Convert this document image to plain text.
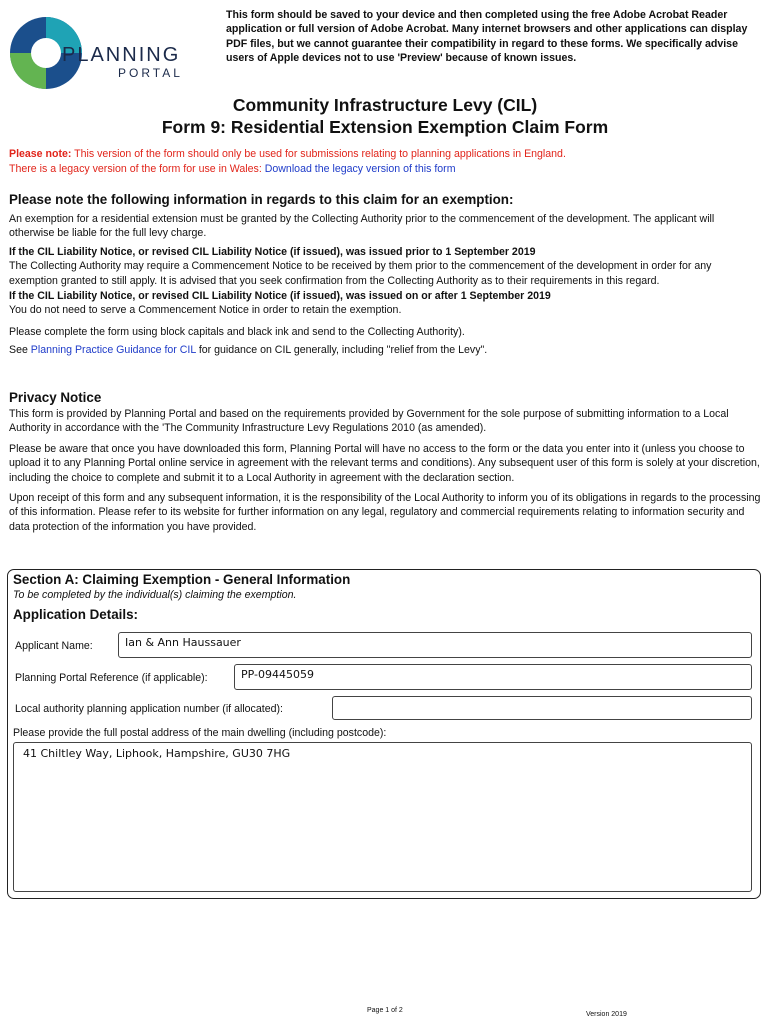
PLANNING
PORTAL

This form should be saved to your device and then completed using the free Adobe Acrobat Reader application or full version of Adobe Acrobat. Many internet browsers and other applications can display PDF files, but we cannot guarantee their compatibility in regard to these forms. We specifically advise users of Apple devices not to use 'Preview' because of known issues.

Community Infrastructure Levy (CIL)
Form 9: Residential Extension Exemption Claim Form
Please note: This version of the form should only be used for submissions relating to planning applications in England.
There is a legacy version of the form for use in Wales: Download the legacy version of this form

Please note the following information in regards to this claim for an exemption:

An exemption for a residential extension must be granted by the Collecting Authority prior to the commencement of the development. The applicant will otherwise be liable for the full levy charge.

If the CIL Liability Notice, or revised CIL Liability Notice (if issued), was issued prior to 1 September 2019

The Collecting Authority may require a Commencement Notice to be received by them prior to the commencement of the development in order for any exemption granted to still apply. It is advised that you seek confirmation from the Collecting Authority as to their requirements in this regard.

If the CIL Liability Notice, or revised CIL Liability Notice (if issued), was issued on or after 1 September 2019

You do not need to serve a Commencement Notice in order to retain the exemption.

Please complete the form using block capitals and black ink and send to the Collecting Authority).

See Planning Practice Guidance for CIL for guidance on CIL generally, including "relief from the Levy".

Privacy Notice

This form is provided by Planning Portal and based on the requirements provided by Government for the sole purpose of submitting information to a Local Authority in accordance with the 'The Community Infrastructure Levy Regulations 2010 (as amended).

Please be aware that once you have downloaded this form, Planning Portal will have no access to the form or the data you enter into it (unless you choose to upload it to any Planning Portal online service in agreement with the relevant terms and conditions). Any subsequent user of this form is solely at your discretion, including the choice to complete and submit it to a Local Authority in agreement with the declaration section.

Upon receipt of this form and any subsequent information, it is the responsibility of the Local Authority to inform you of its obligations in regards to the processing of this information. Please refer to its website for further information on any legal, regulatory and commercial requirements relating to information security and data protection of the information you have provided.

Section A: Claiming Exemption - General Information
To be completed by the individual(s) claiming the exemption.
Application Details:
Applicant Name:	Ian & Ann Haussauer
Planning Portal Reference (if applicable):	PP-09445059
Local authority planning application number (if allocated):
Please provide the full postal address of the main dwelling (including postcode):
41 Chiltley Way, Liphook, Hampshire, GU30 7HG
Page 1 of 2
Version 2019
